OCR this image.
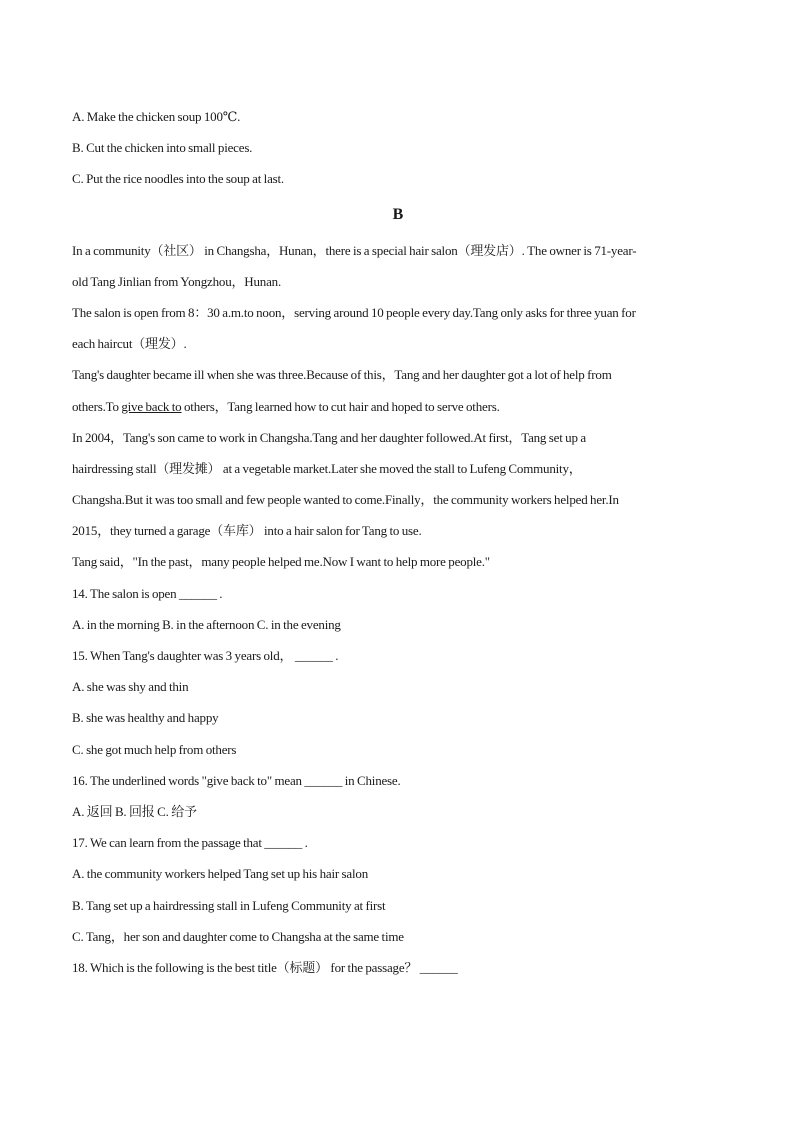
A. Make the chicken soup 100℃.
B. Cut the chicken into small pieces.
C. Put the rice noodles into the soup at last.
B
In a community（社区） in Changsha，Hunan，there is a special hair salon（理发店）. The owner is 71-year-
old Tang Jinlian from Yongzhou，Hunan.
The salon is open from 8：30 a.m.to noon，serving around 10 people every day.Tang only asks for three yuan for
each haircut（理发）.
Tang's daughter became ill when she was three.Because of this，Tang and her daughter got a lot of help from
others.To give back to others，Tang learned how to cut hair and hoped to serve others.
In 2004，Tang's son came to work in Changsha.Tang and her daughter followed.At first，Tang set up a
hairdressing stall（理发摊） at a vegetable market.Later she moved the stall to Lufeng Community，
Changsha.But it was too small and few people wanted to come.Finally，the community workers helped her.In
2015，they turned a garage（车库） into a hair salon for Tang to use.
Tang said，"In the past，many people helped me.Now I want to help more people."
14. The salon is open ______ .
A. in the morning B. in the afternoon C. in the evening
15. When Tang's daughter was 3 years old， ______ .
A. she was shy and thin
B. she was healthy and happy
C. she got much help from others
16. The underlined words "give back to" mean ______ in Chinese.
A. 返回 B. 回报 C. 给予
17. We can learn from the passage that ______ .
A. the community workers helped Tang set up his hair salon
B. Tang set up a hairdressing stall in Lufeng Community at first
C. Tang，her son and daughter come to Changsha at the same time
18. Which is the following is the best title（标题） for the passage？ ______
